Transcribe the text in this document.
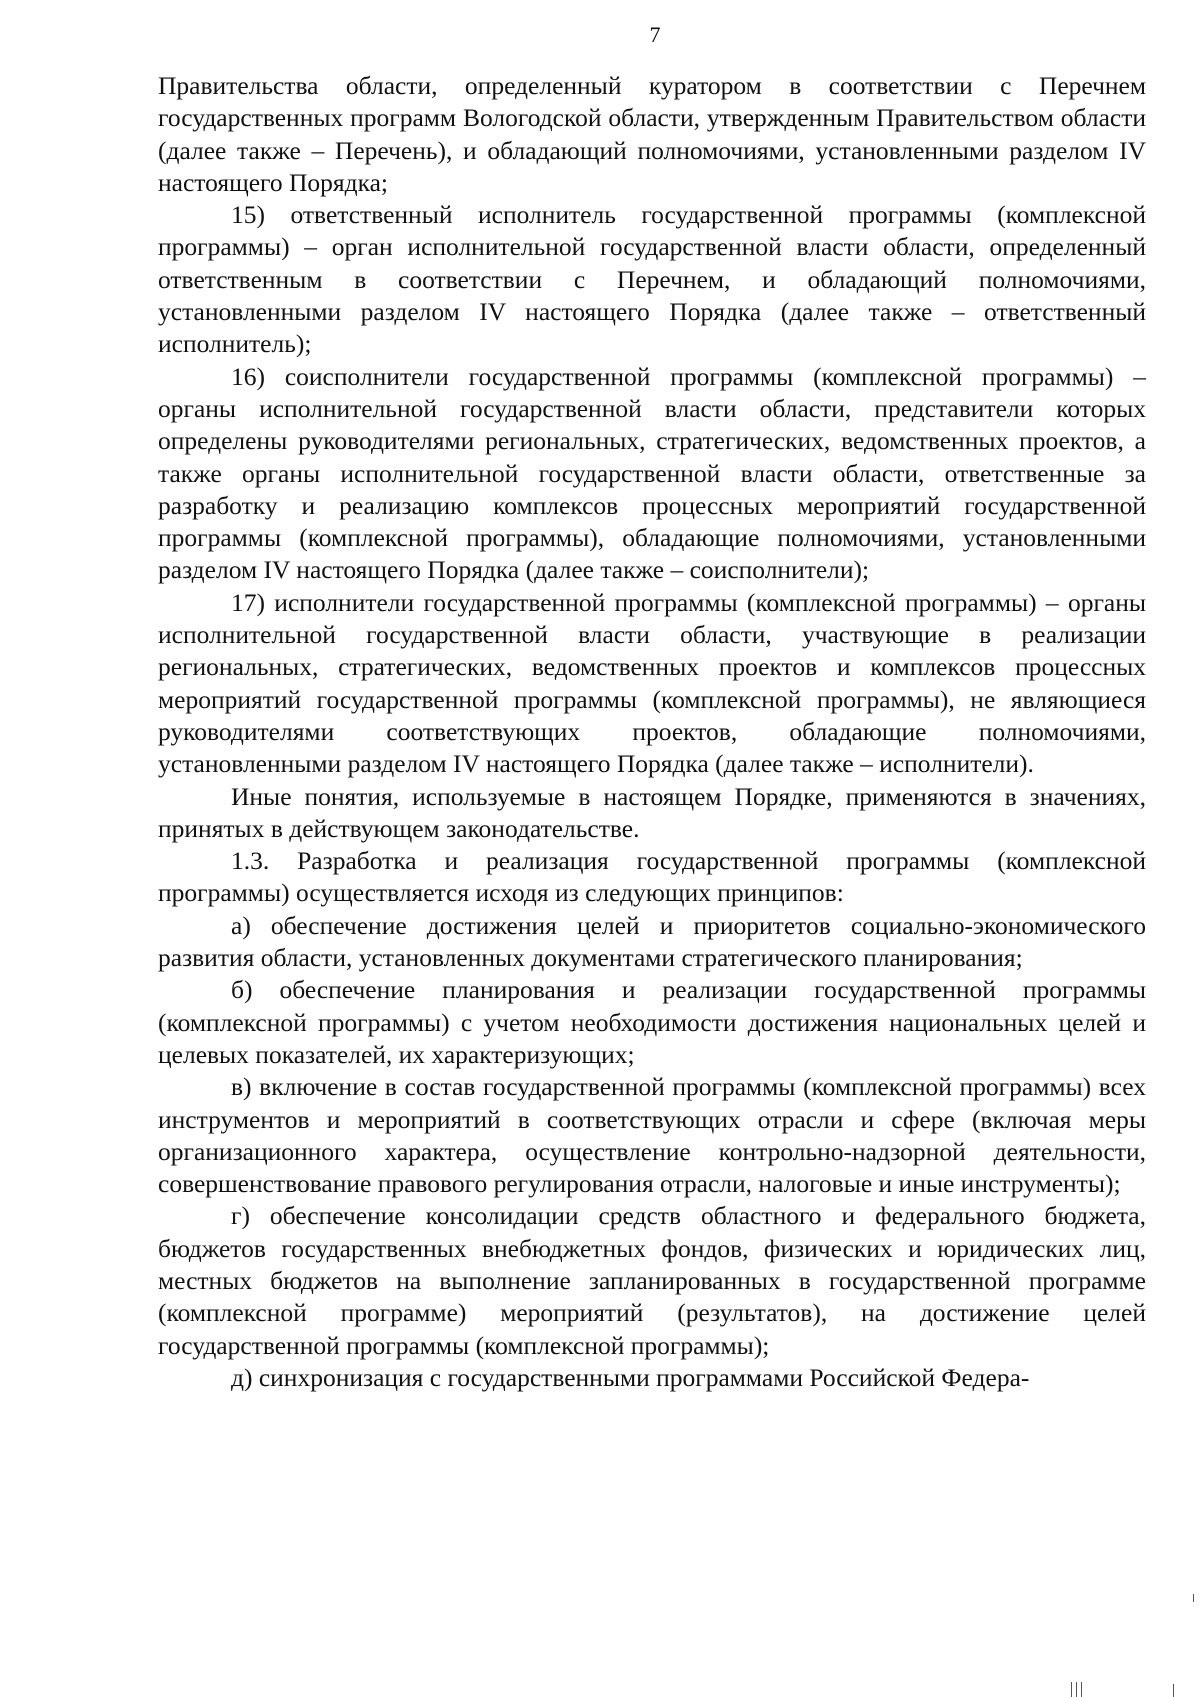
7

Правительства области, определенный куратором в соответствии с Перечнем государственных программ Вологодской области, утвержденным Правительством области (далее также – Перечень), и обладающий полномочиями, установленными разделом IV настоящего Порядка;

15) ответственный исполнитель государственной программы (комплексной программы) – орган исполнительной государственной власти области, определенный ответственным в соответствии с Перечнем, и обладающий полномочиями, установленными разделом IV настоящего Порядка (далее также – ответственный исполнитель);

16) соисполнители государственной программы (комплексной программы) – органы исполнительной государственной власти области, представители которых определены руководителями региональных, стратегических, ведомственных проектов, а также органы исполнительной государственной власти области, ответственные за разработку и реализацию комплексов процессных мероприятий государственной программы (комплексной программы), обладающие полномочиями, установленными разделом IV настоящего Порядка (далее также – соисполнители);

17) исполнители государственной программы (комплексной программы) – органы исполнительной государственной власти области, участвующие в реализации региональных, стратегических, ведомственных проектов и комплексов процессных мероприятий государственной программы (комплексной программы), не являющиеся руководителями соответствующих проектов, обладающие полномочиями, установленными разделом IV настоящего Порядка (далее также – исполнители).

Иные понятия, используемые в настоящем Порядке, применяются в значениях, принятых в действующем законодательстве.

1.3. Разработка и реализация государственной программы (комплексной программы) осуществляется исходя из следующих принципов:

а) обеспечение достижения целей и приоритетов социально-экономического развития области, установленных документами стратегического планирования;

б) обеспечение планирования и реализации государственной программы (комплексной программы) с учетом необходимости достижения национальных целей и целевых показателей, их характеризующих;

в) включение в состав государственной программы (комплексной программы) всех инструментов и мероприятий в соответствующих отрасли и сфере (включая меры организационного характера, осуществление контрольно-надзорной деятельности, совершенствование правового регулирования отрасли, налоговые и иные инструменты);

г) обеспечение консолидации средств областного и федерального бюджета, бюджетов государственных внебюджетных фондов, физических и юридических лиц, местных бюджетов на выполнение запланированных в государственной программе (комплексной программе) мероприятий (результатов), на достижение целей государственной программы (комплексной программы);

д) синхронизация с государственными программами Российской Федера-
